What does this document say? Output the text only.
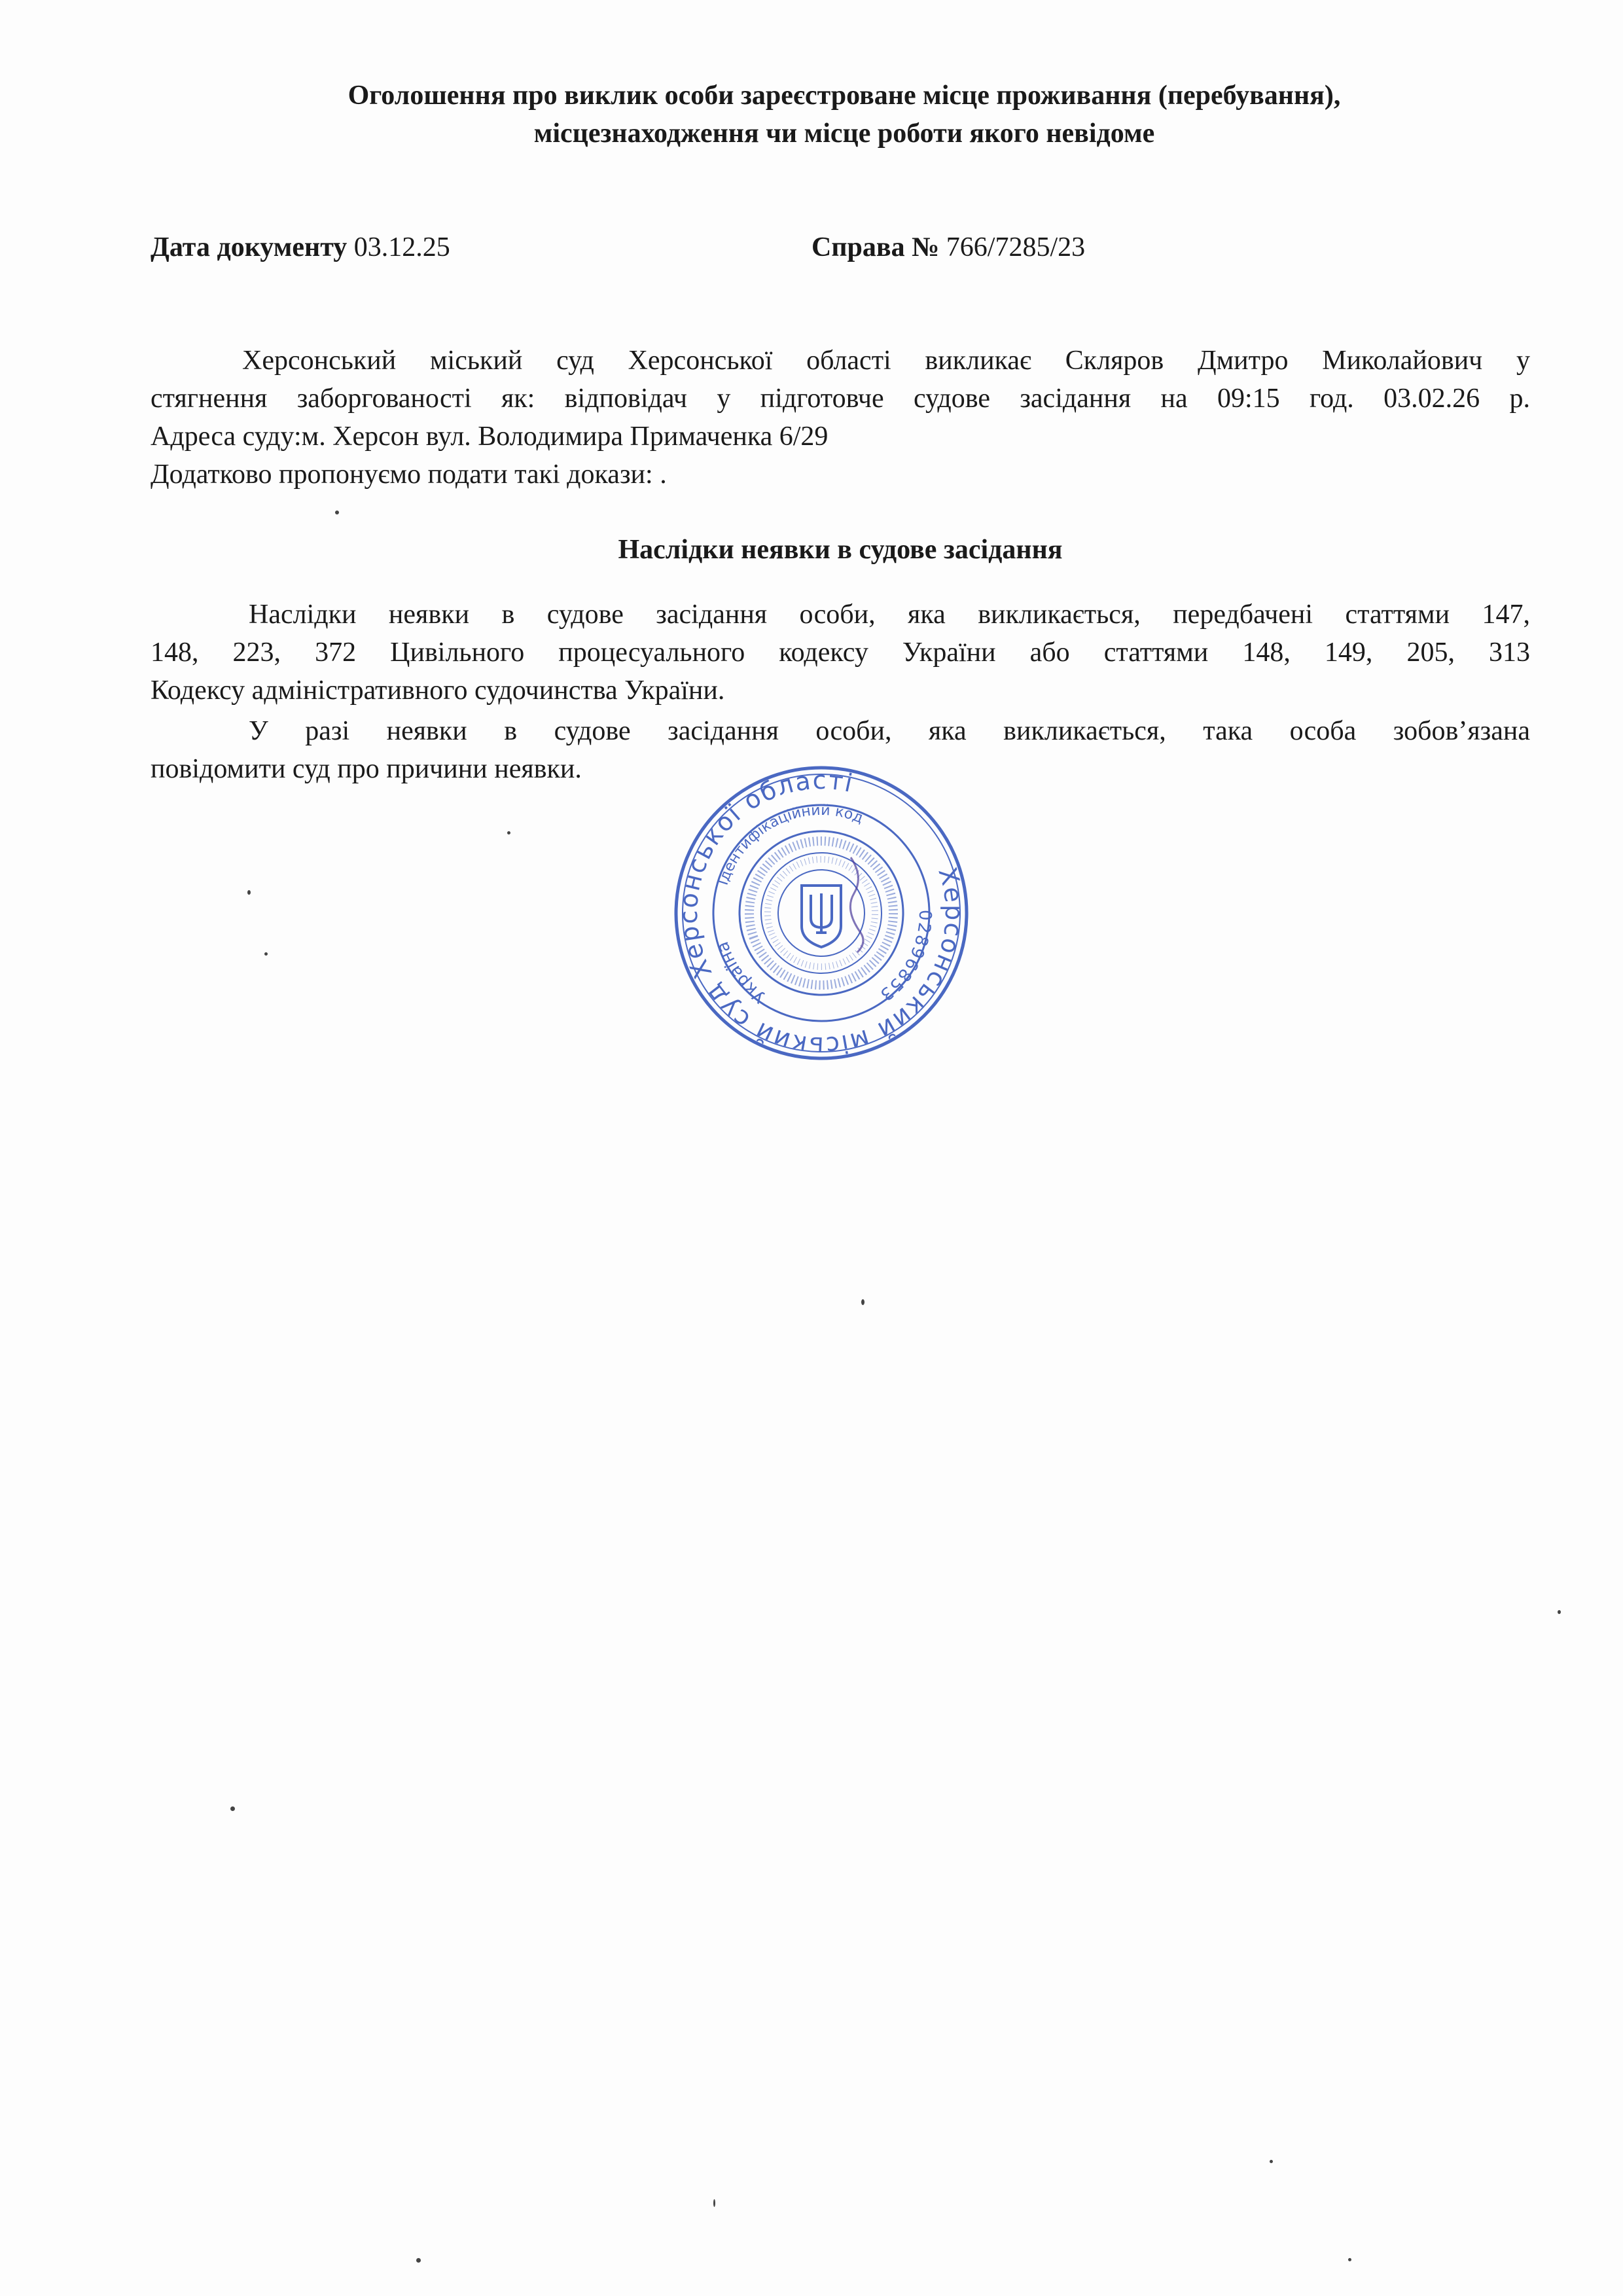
Оголошення про виклик особи зареєстроване місце проживання (перебування),
місцезнаходження чи місце роботи якого невідоме
Дата документу 03.12.25	Справа № 766/7285/23
Херсонський міський суд Херсонської області викликає Скляров Дмитро Миколайович у
стягнення заборгованості як: відповідач у підготовче судове засідання на 09:15 год. 03.02.26 р.
Адреса суду:м. Херсон вул. Володимира Примаченка 6/29
Додатково пропонуємо подати такі докази: .
Наслідки неявки в судове засідання
Наслідки неявки в судове засідання особи, яка викликається, передбачені статтями 147,
148, 223, 372 Цивільного процесуального кодексу України або статтями 148, 149, 205, 313
Кодексу адміністративного судочинства України.
У разі неявки в судове засідання особи, яка викликається, така особа зобов’язана
повідомити суд про причини неявки.
Херсонський міський суд Херсонської області
02896853
Україна
Ідентифікаційний код
